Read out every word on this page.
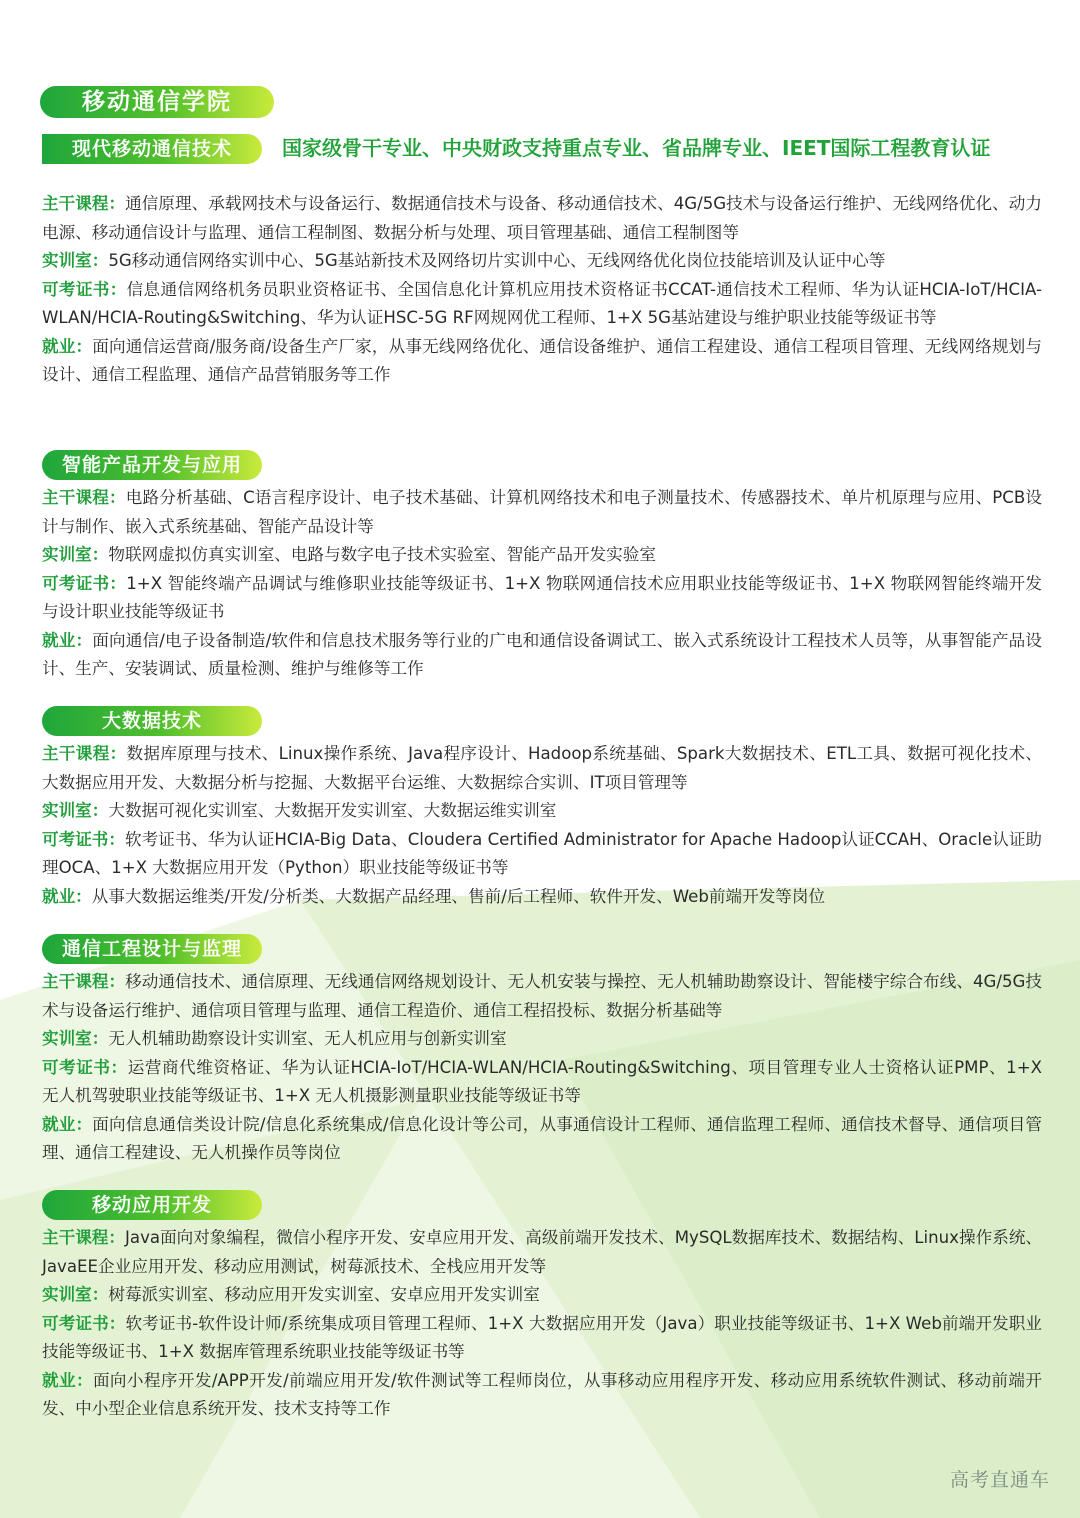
移动通信学院
现代移动通信技术	国家级骨干专业、中央财政支持重点专业、省品牌专业、IEET国际工程教育认证

主干课程：通信原理、承载网技术与设备运行、数据通信技术与设备、移动通信技术、4G/5G技术与设备运行维护、无线网络优化、动力电源、移动通信设计与监理、通信工程制图、数据分析与处理、项目管理基础、通信工程制图等

实训室：5G移动通信网络实训中心、5G基站新技术及网络切片实训中心、无线网络优化岗位技能培训及认证中心等

可考证书：信息通信网络机务员职业资格证书、全国信息化计算机应用技术资格证书CCAT-通信技术工程师、华为认证HCIA-IoT/HCIA-WLAN/HCIA-Routing&Switching、华为认证HSC-5G RF网规网优工程师、1+X 5G基站建设与维护职业技能等级证书等

就业：面向通信运营商/服务商/设备生产厂家，从事无线网络优化、通信设备维护、通信工程建设、通信工程项目管理、无线网络规划与设计、通信工程监理、通信产品营销服务等工作

智能产品开发与应用

主干课程：电路分析基础、C语言程序设计、电子技术基础、计算机网络技术和电子测量技术、传感器技术、单片机原理与应用、PCB设计与制作、嵌入式系统基础、智能产品设计等

实训室：物联网虚拟仿真实训室、电路与数字电子技术实验室、智能产品开发实验室

可考证书：1+X 智能终端产品调试与维修职业技能等级证书、1+X 物联网通信技术应用职业技能等级证书、1+X 物联网智能终端开发与设计职业技能等级证书

就业：面向通信/电子设备制造/软件和信息技术服务等行业的广电和通信设备调试工、嵌入式系统设计工程技术人员等，从事智能产品设计、生产、安装调试、质量检测、维护与维修等工作

大数据技术

主干课程：数据库原理与技术、Linux操作系统、Java程序设计、Hadoop系统基础、Spark大数据技术、ETL工具、数据可视化技术、大数据应用开发、大数据分析与挖掘、大数据平台运维、大数据综合实训、IT项目管理等

实训室：大数据可视化实训室、大数据开发实训室、大数据运维实训室

可考证书：软考证书、华为认证HCIA-Big Data、Cloudera Certified Administrator for Apache Hadoop认证CCAH、Oracle认证助理OCA、1+X 大数据应用开发（Python）职业技能等级证书等

就业：从事大数据运维类/开发/分析类、大数据产品经理、售前/后工程师、软件开发、Web前端开发等岗位

通信工程设计与监理

主干课程：移动通信技术、通信原理、无线通信网络规划设计、无人机安装与操控、无人机辅助勘察设计、智能楼宇综合布线、4G/5G技术与设备运行维护、通信项目管理与监理、通信工程造价、通信工程招投标、数据分析基础等

实训室：无人机辅助勘察设计实训室、无人机应用与创新实训室

可考证书：运营商代维资格证、华为认证HCIA-IoT/HCIA-WLAN/HCIA-Routing&Switching、项目管理专业人士资格认证PMP、1+X 无人机驾驶职业技能等级证书、1+X 无人机摄影测量职业技能等级证书等

就业：面向信息通信类设计院/信息化系统集成/信息化设计等公司，从事通信设计工程师、通信监理工程师、通信技术督导、通信项目管理、通信工程建设、无人机操作员等岗位

移动应用开发

主干课程：Java面向对象编程，微信小程序开发、安卓应用开发、高级前端开发技术、MySQL数据库技术、数据结构、Linux操作系统、JavaEE企业应用开发、移动应用测试，树莓派技术、全栈应用开发等

实训室：树莓派实训室、移动应用开发实训室、安卓应用开发实训室

可考证书：软考证书-软件设计师/系统集成项目管理工程师、1+X 大数据应用开发（Java）职业技能等级证书、1+X Web前端开发职业技能等级证书、1+X 数据库管理系统职业技能等级证书等

就业：面向小程序开发/APP开发/前端应用开发/软件测试等工程师岗位，从事移动应用程序开发、移动应用系统软件测试、移动前端开发、中小型企业信息系统开发、技术支持等工作

高考直通车
